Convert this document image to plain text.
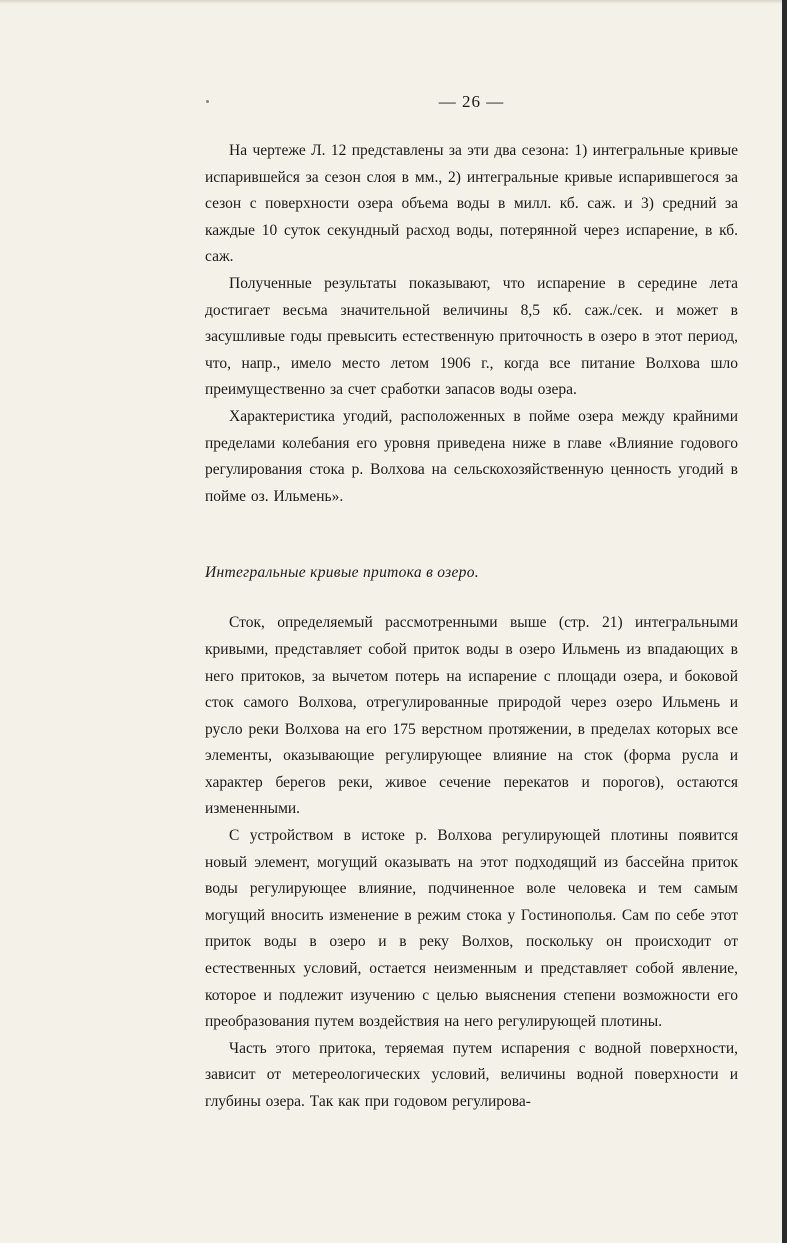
— 26 —

На чертеже Л. 12 представлены за эти два сезона: 1) интегральные кривые испарившейся за сезон слоя в мм., 2) интегральные кривые испарившегося за сезон с поверхности озера объема воды в милл. кб. саж. и 3) средний за каждые 10 суток секундный расход воды, потерянной через испарение, в кб. саж.

Полученные результаты показывают, что испарение в середине лета достигает весьма значительной величины 8,5 кб. саж./сек. и может в засушливые годы превысить естественную приточность в озеро в этот период, что, напр., имело место летом 1906 г., когда все питание Волхова шло преимущественно за счет сработки запасов воды озера.

Характеристика угодий, расположенных в пойме озера между крайними пределами колебания его уровня приведена ниже в главе «Влияние годового регулирования стока р. Волхова на сельскохозяйственную ценность угодий в пойме оз. Ильмень».

Интегральные кривые притока в озеро.

Сток, определяемый рассмотренными выше (стр. 21) интегральными кривыми, представляет собой приток воды в озеро Ильмень из впадающих в него притоков, за вычетом потерь на испарение с площади озера, и боковой сток самого Волхова, отрегулированные природой через озеро Ильмень и русло реки Волхова на его 175 верстном протяжении, в пределах которых все элементы, оказывающие регулирующее влияние на сток (форма русла и характер берегов реки, живое сечение перекатов и порогов), остаются измененными.

С устройством в истоке р. Волхова регулирующей плотины появится новый элемент, могущий оказывать на этот подходящий из бассейна приток воды регулирующее влияние, подчиненное воле человека и тем самым могущий вносить изменение в режим стока у Гостинополья. Сам по себе этот приток воды в озеро и в реку Волхов, поскольку он происходит от естественных условий, остается неизменным и представляет собой явление, которое и подлежит изучению с целью выяснения степени возможности его преобразования путем воздействия на него регулирующей плотины.

Часть этого притока, теряемая путем испарения с водной поверхности, зависит от метереологических условий, величины водной поверхности и глубины озера. Так как при годовом регулирова-
